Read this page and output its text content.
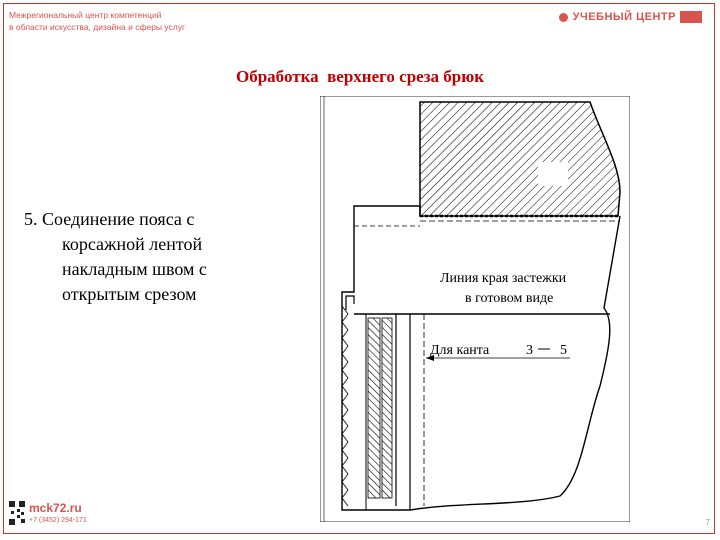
Межрегиональный центр компетенций
в области искусства, дизайна и сферы услуг
УЧЕБНЫЙ ЦЕНТР
Обработка  верхнего среза брюк
5. Соединение пояса с
корсажной лентой
накладным швом с
открытым срезом
Линия края застежки
в готовом виде
Для канта	3 5
mck72.ru
+7 (3452) 294-171	7
